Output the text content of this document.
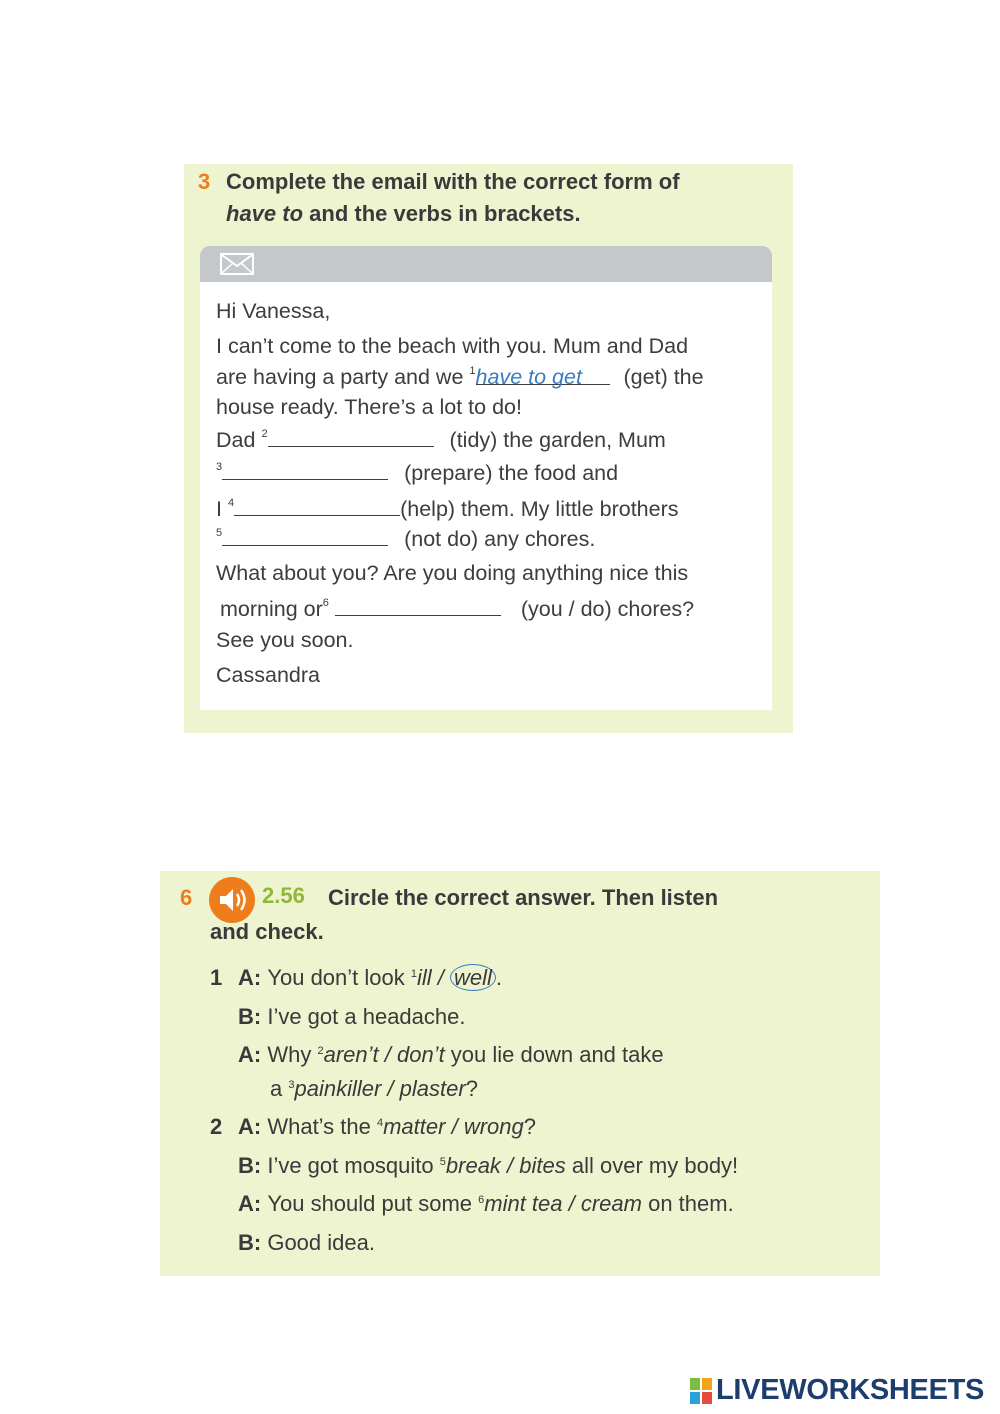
3 Complete the email with the correct form of
have to and the verbs in brackets.
Hi Vanessa,
I can’t come to the beach with you. Mum and Dad
are having a party and we $^1$have to get (get) the
house ready. There’s a lot to do!
Dad $^2$	(tidy) the garden, Mum
$^3$	(prepare) the food and
I $^4$	(help) them. My little brothers
$^5$	(not do) any chores.
What about you? Are you doing anything nice this
morning $or^6$	(you / do) chores?
See you soon.
Cassandra
6	2.56 Circle the correct answer. Then listen
and check.
1 A: You don’t look $^1$ill / well .
B: I’ve got a headache.
A: Why $^2$aren’t / don’t you lie down and take
a $^3$painkiller / plaster?
2 A: What’s the $^4$matter / wrong?
B: I’ve got mosquito $^5$break / bites all over my body!
A: You should put some $^6$mint tea / cream on them.
B: Good idea.
LIVEWORKSHEETS
